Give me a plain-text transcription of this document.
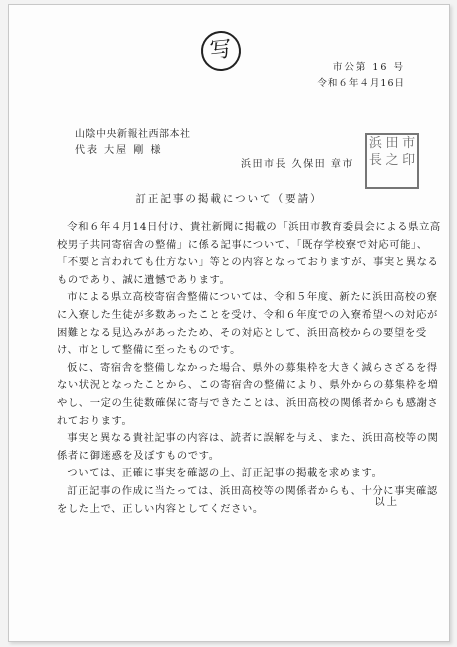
写
市公第 16 号
令和６年４月16日
山陰中央新報社西部本社
代表 大屋 剛 様
浜田市長 久保田 章市
浜 田 市
長 之 印
訂正記事の掲載について（要請）

令和６年４月14日付け、貴社新聞に掲載の「浜田市教育委員会による県立高校男子共同寄宿舎の整備」に係る記事について、「既存学校寮で対応可能」、「不要と言われても仕方ない」等との内容となっておりますが、事実と異なるものであり、誠に遺憾であります。

市による県立高校寄宿舎整備については、令和５年度、新たに浜田高校の寮に入寮した生徒が多数あったことを受け、令和６年度での入寮希望への対応が困難となる見込みがあったため、その対応として、浜田高校からの要望を受け、市として整備に至ったものです。

仮に、寄宿舎を整備しなかった場合、県外の募集枠を大きく減らさざるを得ない状況となったことから、この寄宿舎の整備により、県外からの募集枠を増やし、一定の生徒数確保に寄与できたことは、浜田高校の関係者からも感謝されております。

事実と異なる貴社記事の内容は、読者に誤解を与え、また、浜田高校等の関係者に御迷惑を及ぼすものです。

ついては、正確に事実を確認の上、訂正記事の掲載を求めます。

訂正記事の作成に当たっては、浜田高校等の関係者からも、十分に事実確認をした上で、正しい内容としてください。

以上
